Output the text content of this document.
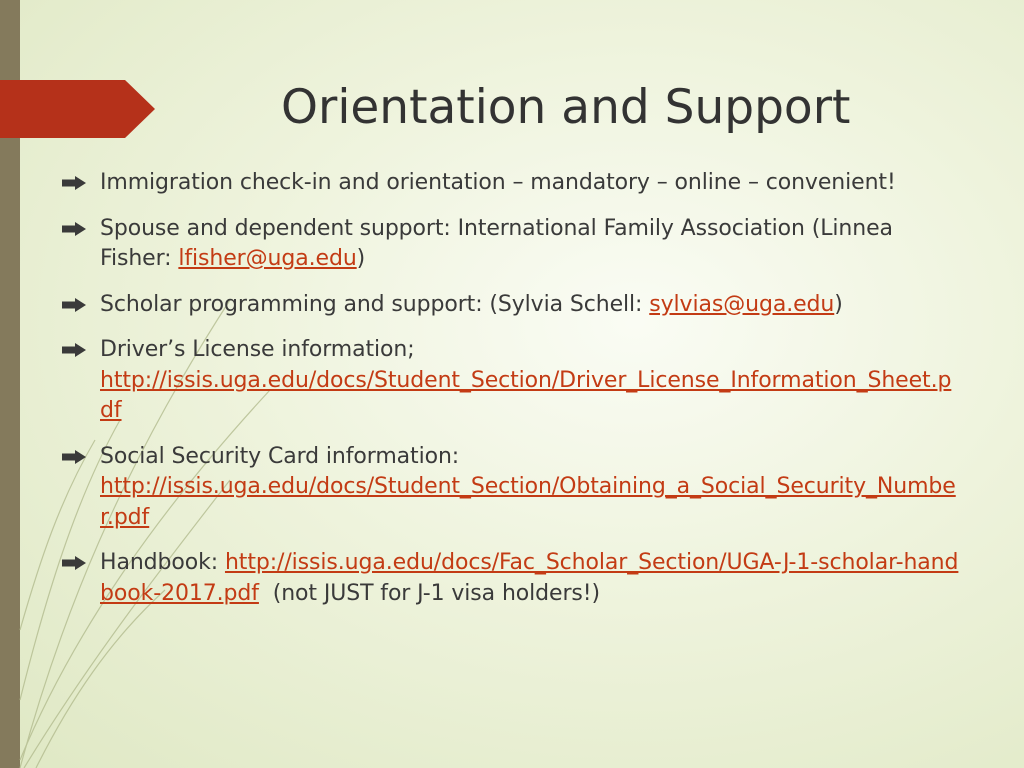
Orientation and Support
Immigration check-in and orientation – mandatory – online – convenient!
Spouse and dependent support: International Family Association (Linnea Fisher: lfisher@uga.edu)
Scholar programming and support: (Sylvia Schell: sylvias@uga.edu)
Driver’s License information;
http://issis.uga.edu/docs/Student_Section/Driver_License_Information_Sheet.pdf
Social Security Card information:
http://issis.uga.edu/docs/Student_Section/Obtaining_a_Social_Security_Number.pdf
Handbook: http://issis.uga.edu/docs/Fac_Scholar_Section/UGA-J-1-scholar-handbook-2017.pdf  (not JUST for J-1 visa holders!)
